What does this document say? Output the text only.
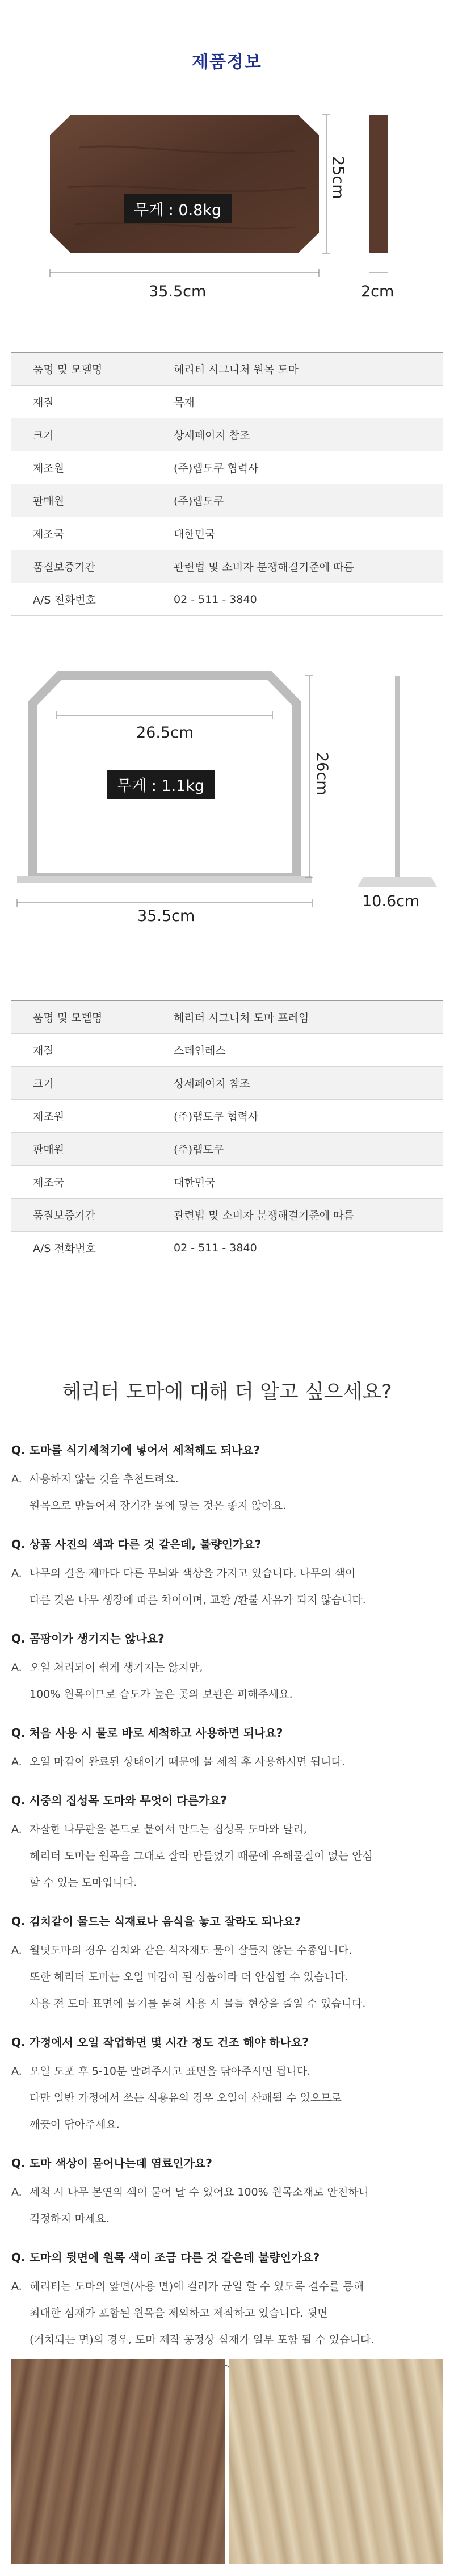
제품정보
무게 : 0.8kg
25cm
35.5cm	2cm
품명 및 모델명	헤리터 시그니처 원목 도마
재질	목재
크기	상세페이지 참조
제조원	(주)랩도쿠 협력사
판매원	(주)랩도쿠
제조국	대한민국
품질보증기간	관련법 및 소비자 분쟁해결기준에 따름
A/S 전화번호	02 - 511 - 3840
26.5cm
무게 : 1.1kg	26cm
35.5cm
10.6cm
품명 및 모델명	헤리터 시그니처 도마 프레임
재질	스테인레스
크기	상세페이지 참조
제조원	(주)랩도쿠 협력사
판매원	(주)랩도쿠
제조국	대한민국
품질보증기간	관련법 및 소비자 분쟁해결기준에 따름
A/S 전화번호	02 - 511 - 3840
헤리터 도마에 대해 더 알고 싶으세요?
Q. 도마를 식기세척기에 넣어서 세척해도 되나요?
A. 사용하지 않는 것을 추천드려요.
원목으로 만들어져 장기간 물에 닿는 것은 좋지 않아요.
Q. 상품 사진의 색과 다른 것 같은데, 불량인가요?
A. 나무의 결을 제마다 다른 무늬와 색상을 가지고 있습니다. 나무의 색이
다른 것은 나무 생장에 따른 차이이며, 교환 /환불 사유가 되지 않습니다.
Q. 곰팡이가 생기지는 않나요?
A. 오일 처리되어 쉽게 생기지는 않지만,
100% 원목이므로 습도가 높은 곳의 보관은 피해주세요.
Q. 처음 사용 시 물로 바로 세척하고 사용하면 되나요?
A. 오일 마감이 완료된 상태이기 때문에 물 세척 후 사용하시면 됩니다.
Q. 시중의 집성목 도마와 무엇이 다른가요?
A. 자잘한 나무판을 본드로 붙여서 만드는 집성목 도마와 달리,
헤리터 도마는 원목을 그대로 잘라 만들었기 때문에 유해물질이 없는 안심
할 수 있는 도마입니다.
Q. 김치같이 물드는 식재료나 음식을 놓고 잘라도 되나요?
A. 월넛도마의 경우 김치와 같은 식자재도 물이 잘들지 않는 수종입니다.
또한 헤리터 도마는 오일 마감이 된 상품이라 더 안심할 수 있습니다.
사용 전 도마 표면에 물기를 묻혀 사용 시 물들 현상을 줄일 수 있습니다.
Q. 가정에서 오일 작업하면 몇 시간 정도 건조 해야 하나요?
A. 오일 도포 후 5-10분 말려주시고 표면을 닦아주시면 됩니다.
다만 일반 가정에서 쓰는 식용유의 경우 오일이 산패될 수 있으므로
깨끗이 닦아주세요.
Q. 도마 색상이 묻어나는데 염료인가요?
A. 세척 시 나무 본연의 색이 묻어 날 수 있어요 100% 원목소재로 안전하니
걱정하지 마세요.
Q. 도마의 뒷면에 원목 색이 조금 다른 것 같은데 불량인가요?
A. 헤리터는 도마의 앞면(사용 면)에 컬러가 균일 할 수 있도록 결수를 통해
최대한 심재가 포함된 원목을 제외하고 제작하고 있습니다. 뒷면
(거치되는 면)의 경우, 도마 제작 공정상 심재가 일부 포함 될 수 있습니다.
